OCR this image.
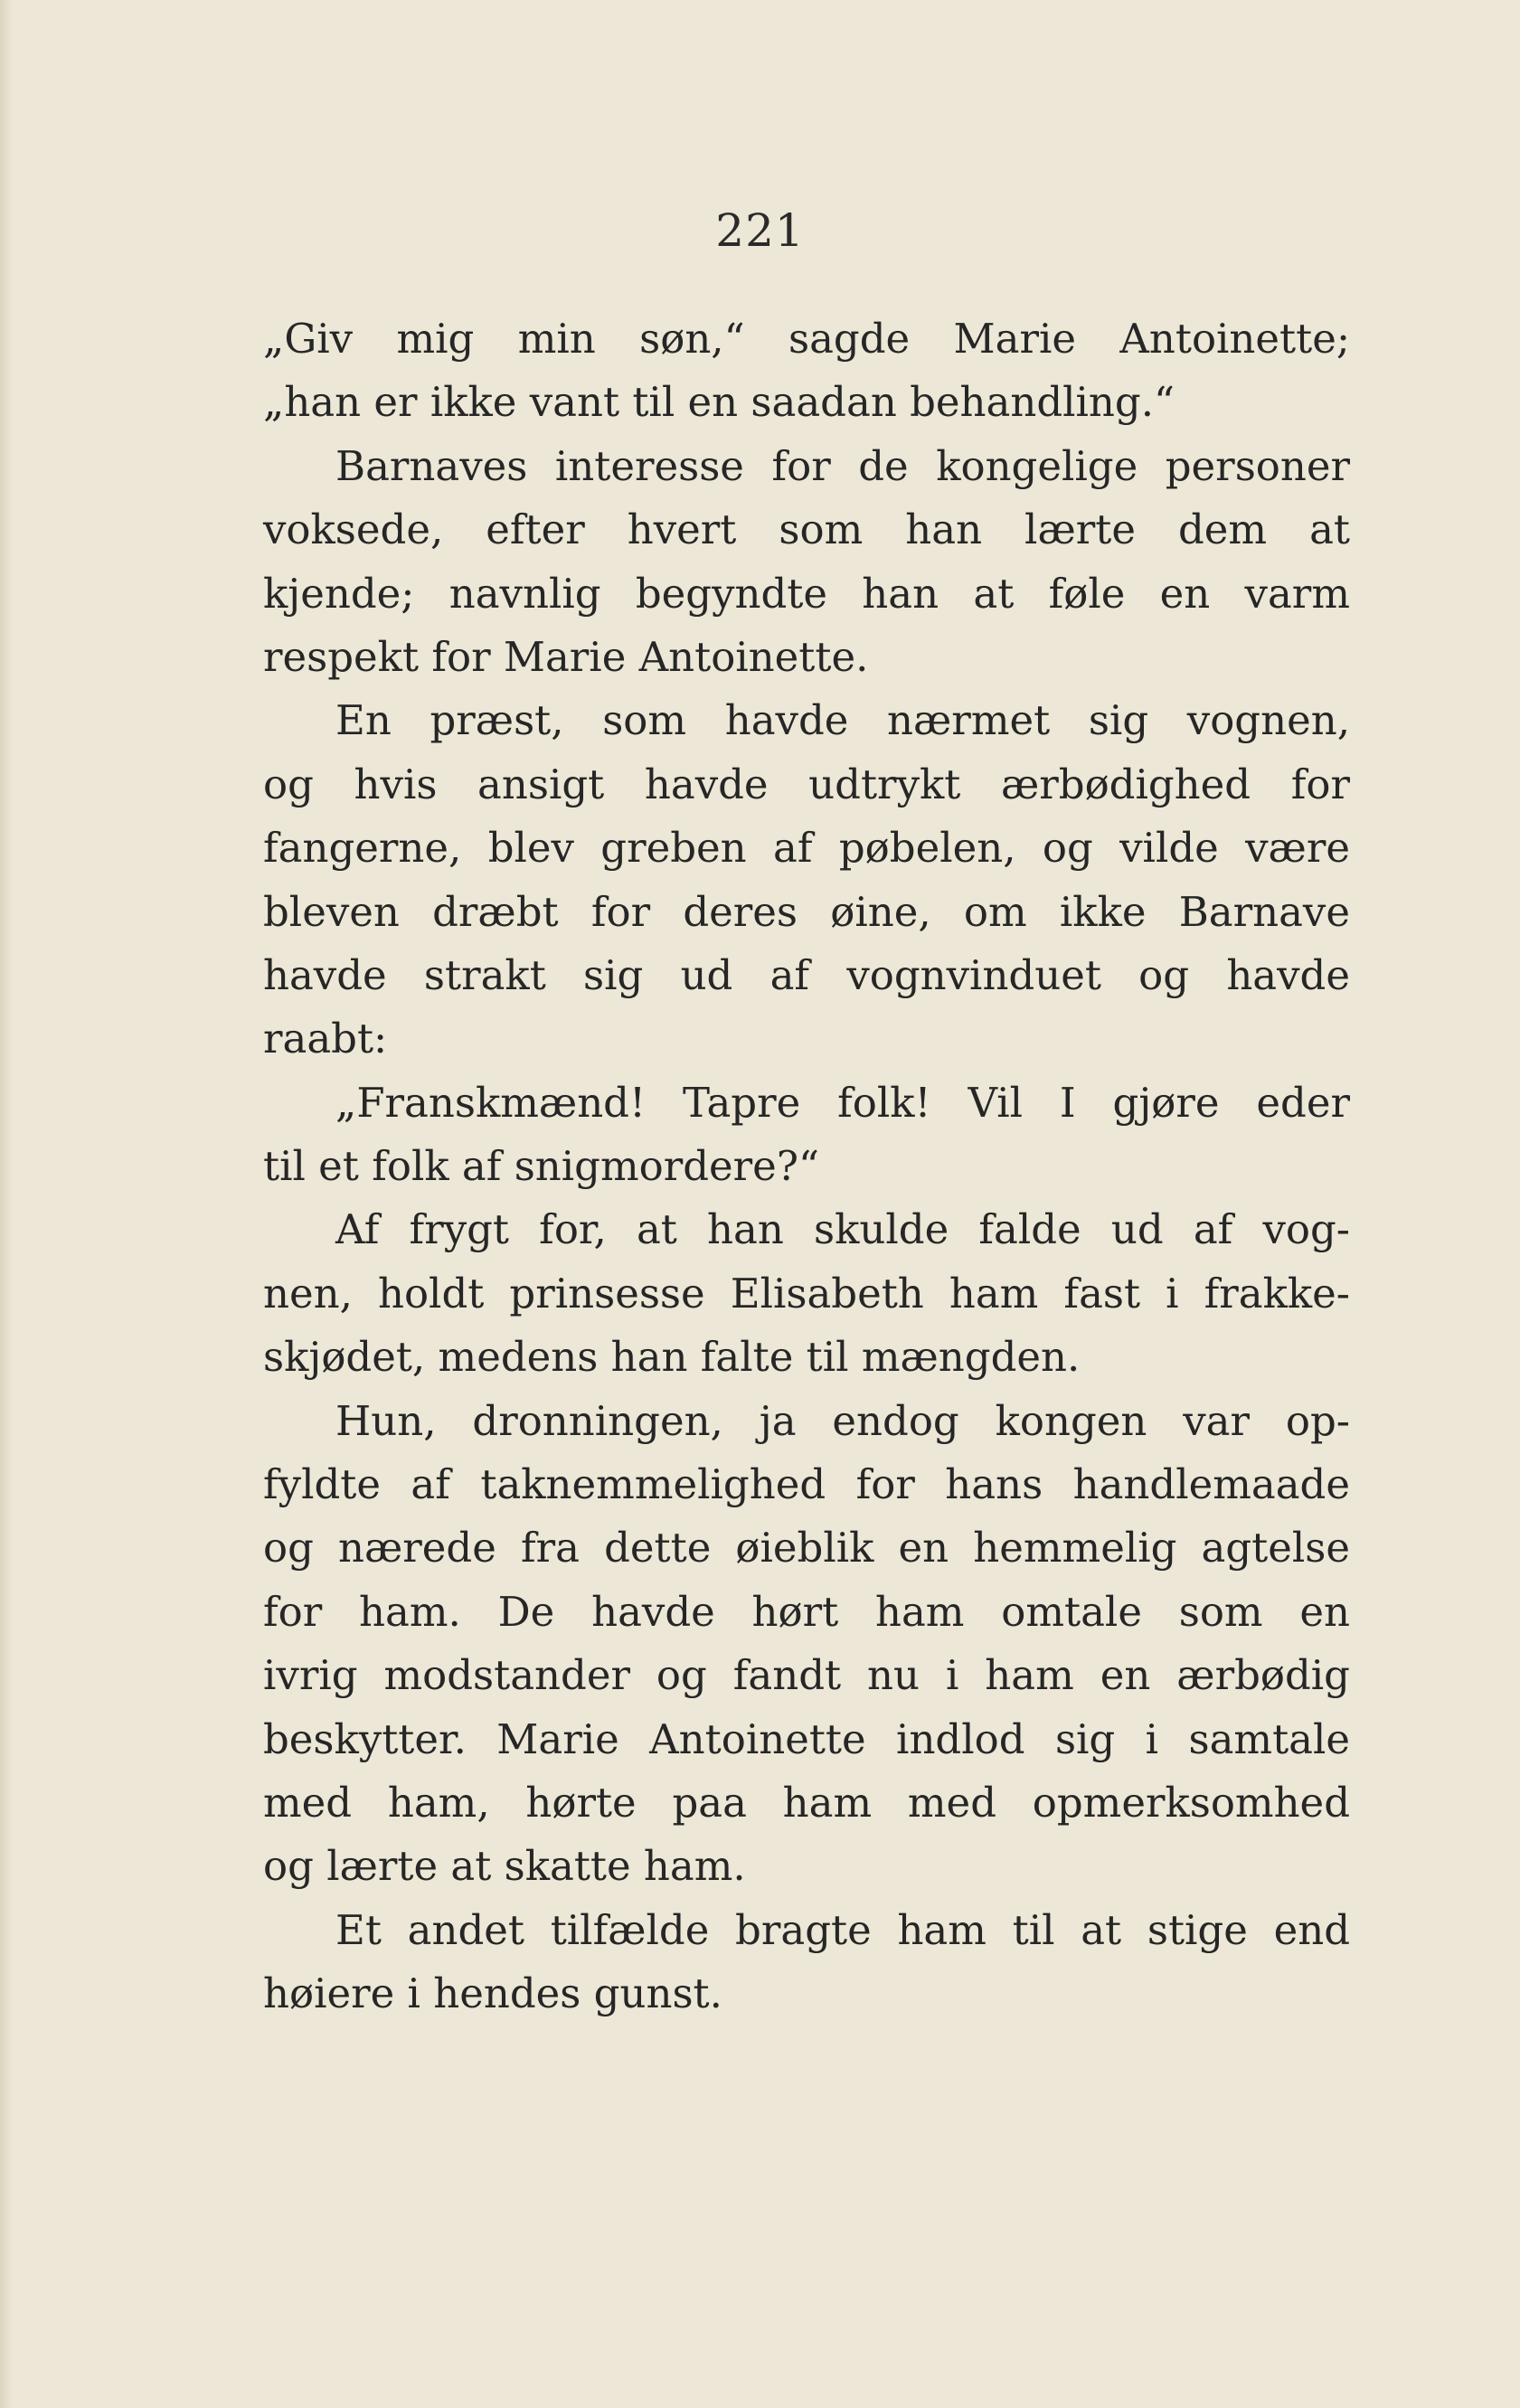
221
„Giv mig min søn,“ sagde Marie Antoinette;
„han er ikke vant til en saadan behandling.“
Barnaves interesse for de kongelige personer
voksede, efter hvert som han lærte dem at
kjende; navnlig begyndte han at føle en varm
respekt for Marie Antoinette.
En præst, som havde nærmet sig vognen,
og hvis ansigt havde udtrykt ærbødighed for
fangerne, blev greben af pøbelen, og vilde være
bleven dræbt for deres øine, om ikke Barnave
havde strakt sig ud af vognvinduet og havde
raabt:
„Franskmænd! Tapre folk! Vil I gjøre eder
til et folk af snigmordere?“
Af frygt for, at han skulde falde ud af vog-
nen, holdt prinsesse Elisabeth ham fast i frakke-
skjødet, medens han falte til mængden.
Hun, dronningen, ja endog kongen var op-
fyldte af taknemmelighed for hans handlemaade
og nærede fra dette øieblik en hemmelig agtelse
for ham. De havde hørt ham omtale som en
ivrig modstander og fandt nu i ham en ærbødig
beskytter. Marie Antoinette indlod sig i samtale
med ham, hørte paa ham med opmerksomhed
og lærte at skatte ham.
Et andet tilfælde bragte ham til at stige end
høiere i hendes gunst.
